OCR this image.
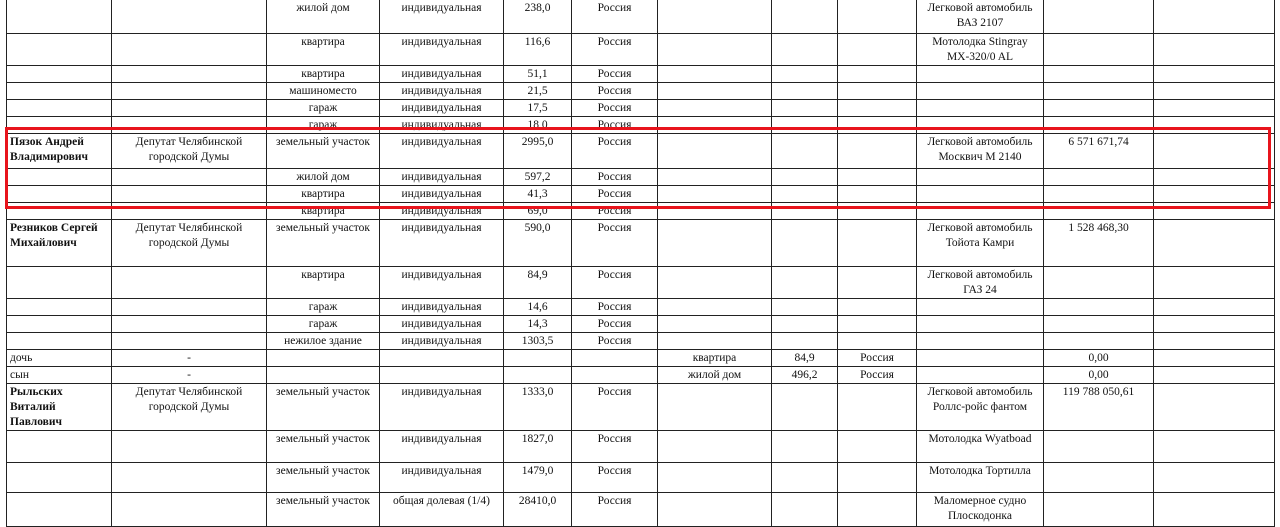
		жилой дом	индивидуальная	238,0	Россия				Легковой автомобиль ВАЗ 2107		
		квартира	индивидуальная	116,6	Россия				Мотолодка Stingray MX-320/0 AL		
		квартира	индивидуальная	51,1	Россия						
		машиноместо	индивидуальная	21,5	Россия						
		гараж	индивидуальная	17,5	Россия						
		гараж	индивидуальная	18,0	Россия						
Пязок Андрей Владимирович	Депутат Челябинской городской Думы	земельный участок	индивидуальная	2995,0	Россия				Легковой автомобиль Москвич М 2140	6 571 671,74	
		жилой дом	индивидуальная	597,2	Россия						
		квартира	индивидуальная	41,3	Россия						
		квартира	индивидуальная	69,0	Россия						
Резников Сергей Михайлович	Депутат Челябинской городской Думы	земельный участок	индивидуальная	590,0	Россия				Легковой автомобиль Тойота Камри	1 528 468,30	
		квартира	индивидуальная	84,9	Россия				Легковой автомобиль ГАЗ 24		
		гараж	индивидуальная	14,6	Россия						
		гараж	индивидуальная	14,3	Россия						
		нежилое здание	индивидуальная	1303,5	Россия						
дочь	-					квартира	84,9	Россия		0,00	
сын	-					жилой дом	496,2	Россия		0,00	
Рыльских Виталий Павлович	Депутат Челябинской городской Думы	земельный участок	индивидуальная	1333,0	Россия				Легковой автомобиль Роллс-ройс фантом	119 788 050,61	
		земельный участок	индивидуальная	1827,0	Россия				Мотолодка Wyatboad		
		земельный участок	индивидуальная	1479,0	Россия				Мотолодка Тортилла		
		земельный участок	общая долевая (1/4)	28410,0	Россия				Маломерное судно Плоскодонка		
